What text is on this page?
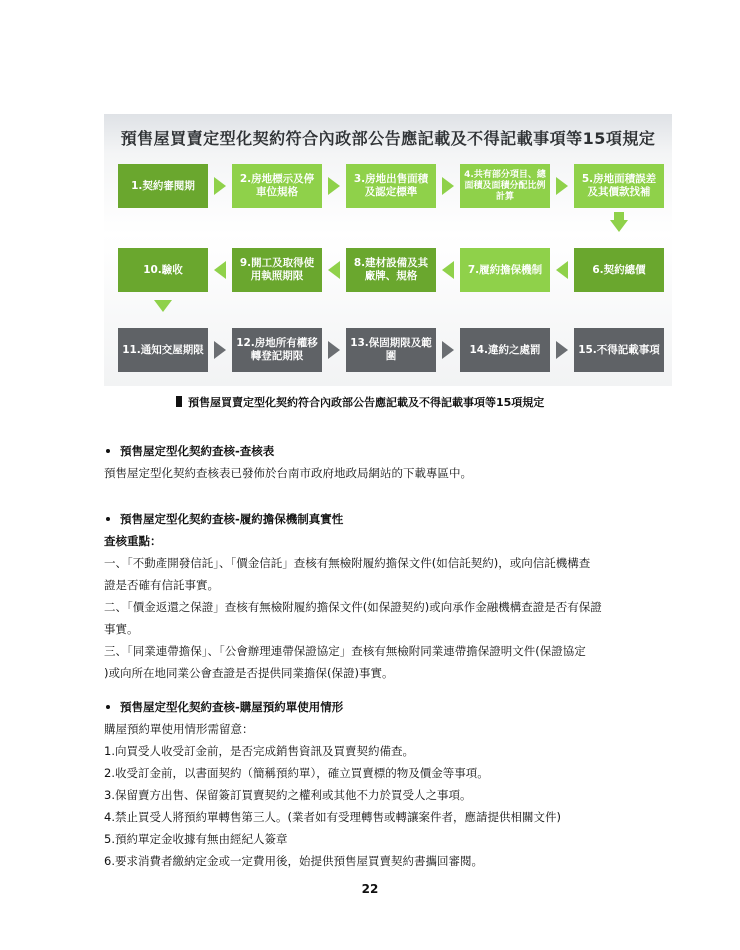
預售屋買賣定型化契約符合內政部公告應記載及不得記載事項等15項規定
1.契約審閱期
2.房地標示及停車位規格
3.房地出售面積及認定標準
4.共有部分項目、總面積及面積分配比例計算
5.房地面積誤差及其價款找補
10.驗收
9.開工及取得使用執照期限
8.建材設備及其廠牌、規格
7.履約擔保機制	6.契約總價
11.通知交屋期限
12.房地所有權移轉登記期限
13.保固期限及範圍
14.違約之處罰	15.不得記載事項
預售屋買賣定型化契約符合內政部公告應記載及不得記載事項等15項規定
預售屋定型化契約查核-查核表
預售屋定型化契約查核表已發佈於台南市政府地政局網站的下載專區中。
預售屋定型化契約查核-履約擔保機制真實性
查核重點：
一、「不動產開發信託」、「價金信託」查核有無檢附履約擔保文件(如信託契約)，或向信託機構查
證是否確有信託事實。
二、「價金返還之保證」查核有無檢附履約擔保文件(如保證契約)或向承作金融機構查證是否有保證
事實。
三、「同業連帶擔保」、「公會辦理連帶保證協定」查核有無檢附同業連帶擔保證明文件(保證協定
)或向所在地同業公會查證是否提供同業擔保(保證)事實。
預售屋定型化契約查核-購屋預約單使用情形
購屋預約單使用情形需留意：
1.向買受人收受訂金前，是否完成銷售資訊及買賣契約備查。
2.收受訂金前，以書面契約（簡稱預約單），確立買賣標的物及價金等事項。
3.保留賣方出售、保留簽訂買賣契約之權利或其他不力於買受人之事項。
4.禁止買受人將預約單轉售第三人。(業者如有受理轉售或轉讓案件者，應請提供相關文件)
5.預約單定金收據有無由經紀人簽章
6.要求消費者繳納定金或一定費用後，始提供預售屋買賣契約書攜回審閱。
22
